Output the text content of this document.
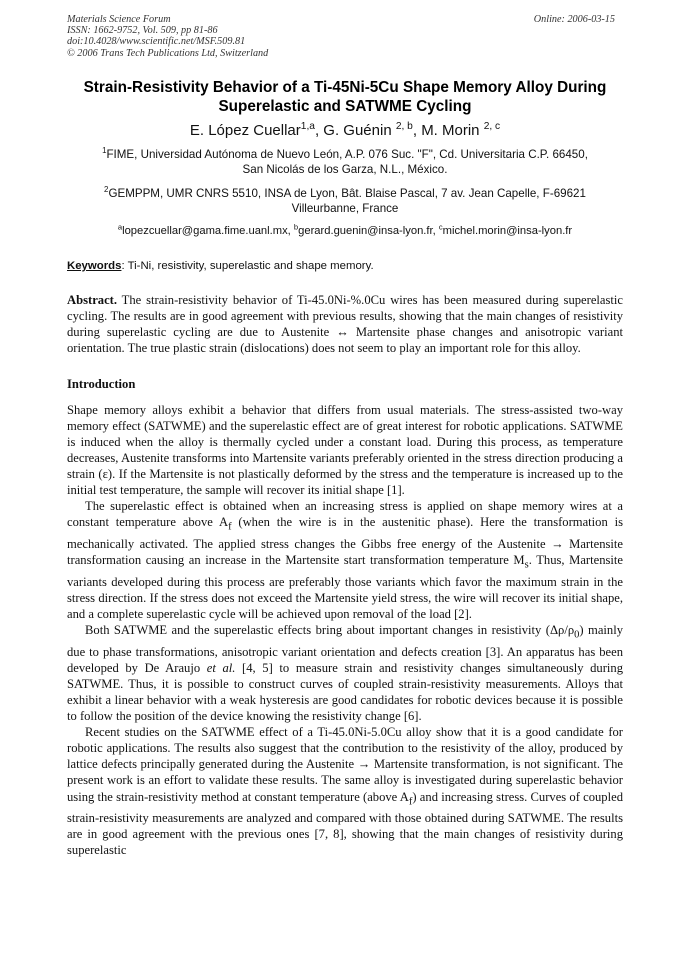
Materials Science Forum
ISSN: 1662-9752, Vol. 509, pp 81-86
doi:10.4028/www.scientific.net/MSF.509.81
© 2006 Trans Tech Publications Ltd, Switzerland
Online: 2006-03-15
Strain-Resistivity Behavior of a Ti-45Ni-5Cu Shape Memory Alloy During
Superelastic and SATWME Cycling
E. López Cuellar$^{1,a}$, G. Guénin $^{2, b}$, M. Morin $^{2, c}$
$^1$FIME, Universidad Autónoma de Nuevo León, A.P. 076 Suc. "F", Cd. Universitaria C.P. 66450,
San Nicolás de los Garza, N.L., México.
$^2$GEMPPM, UMR CNRS 5510, INSA de Lyon, Bât. Blaise Pascal, 7 av. Jean Capelle, F-69621
Villeurbanne, France
$^a$lopezcuellar@gama.fime.uanl.mx, $^b$gerard.guenin@insa-lyon.fr, $^c$michel.morin@insa-lyon.fr
Keywords: Ti-Ni, resistivity, superelastic and shape memory.
Abstract. The strain-resistivity behavior of Ti-45.0Ni-%.0Cu wires has been measured during superelastic cycling. The results are in good agreement with previous results, showing that the main changes of resistivity during superelastic cycling are due to Austenite ↔ Martensite phase changes and anisotropic variant orientation. The true plastic strain (dislocations) does not seem to play an important role for this alloy.
Introduction

Shape memory alloys exhibit a behavior that differs from usual materials. The stress-assisted two-way memory effect (SATWME) and the superelastic effect are of great interest for robotic applications. SATWME is induced when the alloy is thermally cycled under a constant load. During this process, as temperature decreases, Austenite transforms into Martensite variants preferably oriented in the stress direction producing a strain (ε). If the Martensite is not plastically deformed by the stress and the temperature is increased up to the initial test temperature, the sample will recover its initial shape [1].

The superelastic effect is obtained when an increasing stress is applied on shape memory wires at a constant temperature above $A_f$ (when the wire is in the austenitic phase). Here the transformation is mechanically activated. The applied stress changes the Gibbs free energy of the Austenite → Martensite transformation causing an increase in the Martensite start transformation temperature $M_s$. Thus, Martensite variants developed during this process are preferably those variants which favor the maximum strain in the stress direction. If the stress does not exceed the Martensite yield stress, the wire will recover its initial shape, and a complete superelastic cycle will be achieved upon removal of the load [2].

Both SATWME and the superelastic effects bring about important changes in resistivity $(\Delta\rho/\rho_0)$ mainly due to phase transformations, anisotropic variant orientation and defects creation [3]. An apparatus has been developed by De Araujo et al. [4, 5] to measure strain and resistivity changes simultaneously during SATWME. Thus, it is possible to construct curves of coupled strain-resistivity measurements. Alloys that exhibit a linear behavior with a weak hysteresis are good candidates for robotic devices because it is possible to follow the position of the device knowing the resistivity change [6].

Recent studies on the SATWME effect of a Ti-45.0Ni-5.0Cu alloy show that it is a good candidate for robotic applications. The results also suggest that the contribution to the resistivity of the alloy, produced by lattice defects principally generated during the Austenite → Martensite transformation, is not significant. The present work is an effort to validate these results. The same alloy is investigated during superelastic behavior using the strain-resistivity method at constant temperature (above $A_f$) and increasing stress. Curves of coupled strain-resistivity measurements are analyzed and compared with those obtained during SATWME. The results are in good agreement with the previous ones [7, 8], showing that the main changes of resistivity during superelastic
